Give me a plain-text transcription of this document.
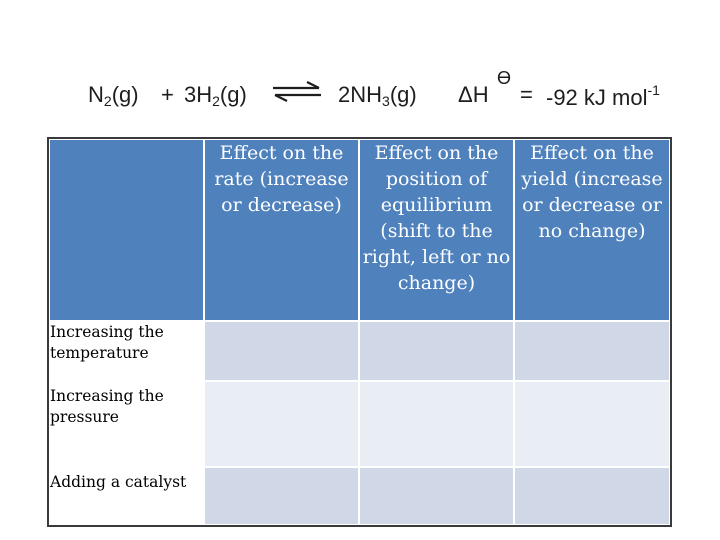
$N_2(g) + 3H_2(g)$ ⇌ $2NH_3(g)$ ΔH
ϴ
= -92 kJ mol$^{-1}$
	Effect on the rate (increase or decrease)	Effect on the position of equilibrium (shift to the right, left or no change)	Effect on the yield (increase or decrease or no change)
Increasing the temperature			
Increasing the pressure			
Adding a catalyst			
